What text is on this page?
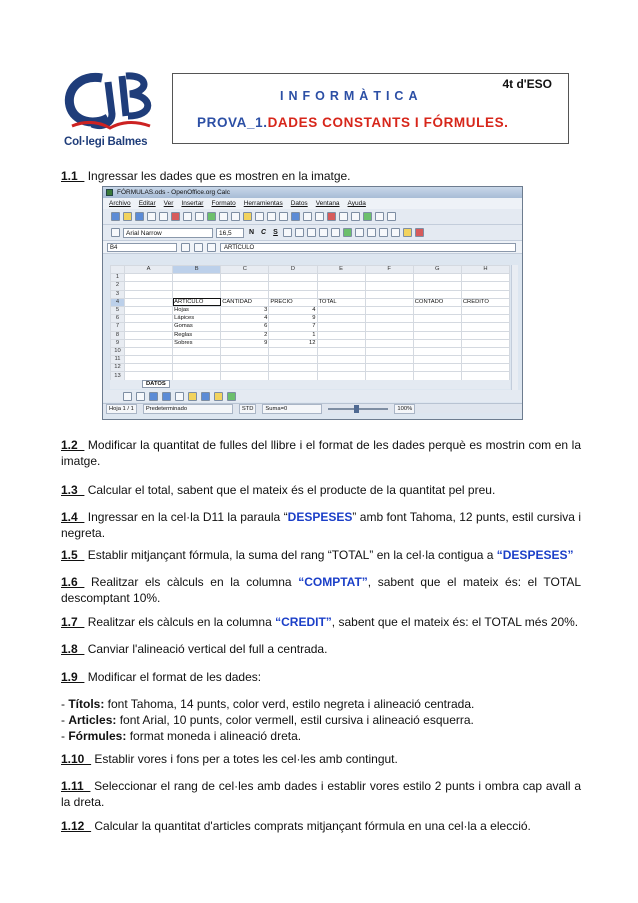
Col·legi Balmes
4t d'ESO
INFORMÀTICA
PROVA_1.DADES CONSTANTS I FÓRMULES.
1.1_ Ingressar les dades que es mostren en la imatge.
FÓRMULAS.ods - OpenOffice.org Calc
Archivo Editar Ver Insertar Formato Herramientas Datos Ventana Ayuda
Arial Narrow	16,5	N C	S
B4	ARTÍCULO
	A	B	C	D	E	F	G	H
1								
2								
3								
4		ARTÍCULO	CANTIDAD	PRECIO	TOTAL		CONTADO	CRÉDITO
5		Hojas	3	4				
6		Lápices	4	9				
7		Gomas	6	7				
8		Reglas	2	1				
9		Sobres	9	12				
10								
11								
12								
13								
DATOS
Hoja 1 / 1	Predeterminado	STD	Suma=0	100%
1.2_ Modificar la quantitat de fulles del llibre i el format de les dades perquè es mostrin com en la imatge.
1.3_ Calcular el total, sabent que el mateix és el producte de la quantitat pel preu.
1.4_ Ingressar en la cel·la D11 la paraula “DESPESES” amb font Tahoma, 12 punts, estil cursiva i negreta.
1.5_ Establir mitjançant fórmula, la suma del rang “TOTAL” en la cel·la contigua a “DESPESES”
1.6_ Realitzar els càlculs en la columna “COMPTAT”, sabent que el mateix és: el TOTAL descomptant 10%.
1.7_ Realitzar els càlculs en la columna “CREDIT”, sabent que el mateix és: el TOTAL més 20%.
1.8_ Canviar l'alineació vertical del full a centrada.
1.9_ Modificar el format de les dades:
- Títols: font Tahoma, 14 punts, color verd, estilo negreta i alineació centrada.
- Articles: font Arial, 10 punts, color vermell, estil cursiva i alineació esquerra.
- Fórmules: format moneda i alineació dreta.
1.10_ Establir vores i fons per a totes les cel·les amb contingut.
1.11_ Seleccionar el rang de cel·les amb dades i establir vores estilo 2 punts i ombra cap avall a la dreta.
1.12_ Calcular la quantitat d'articles comprats mitjançant fórmula en una cel·la a elecció.
